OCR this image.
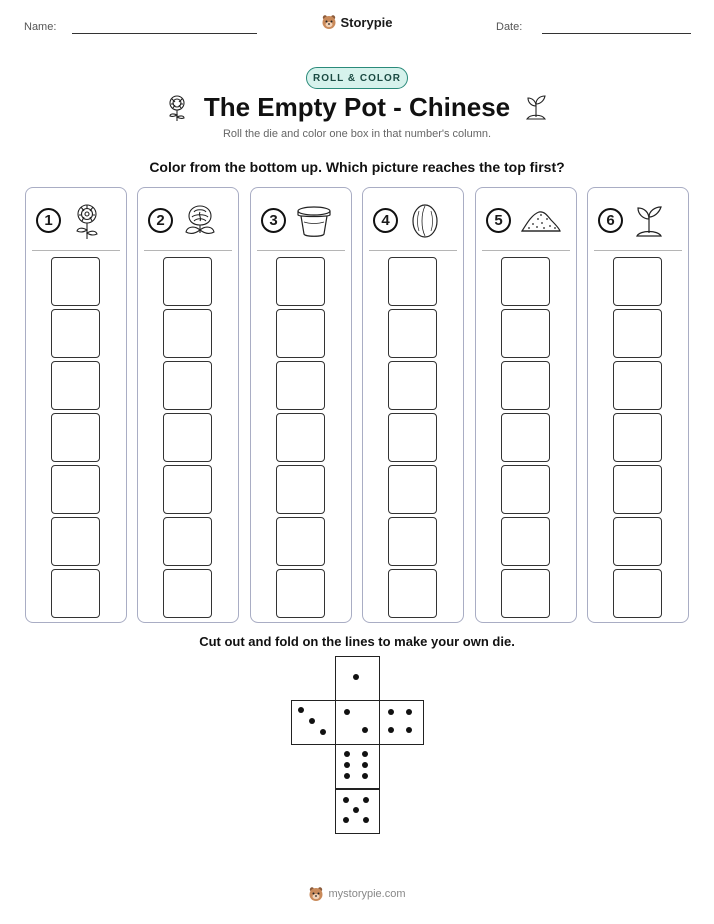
Name:	Date:
Storypie
ROLL & COLOR
The Empty Pot - Chinese
Roll the die and color one box in that number's column.
Color from the bottom up. Which picture reaches the top first?
1	2	3	4	5	6
Cut out and fold on the lines to make your own die.
mystorypie.com
